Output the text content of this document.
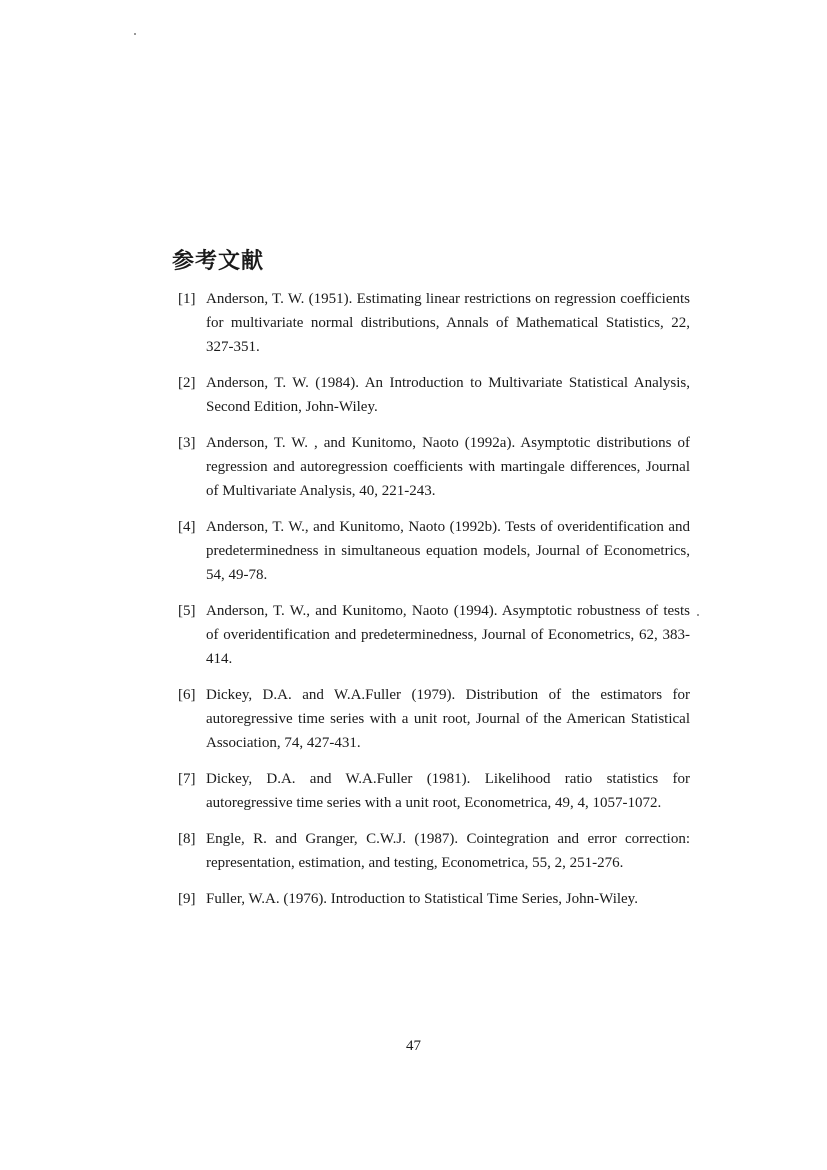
参考文献
[1] Anderson, T. W. (1951). Estimating linear restrictions on regression coefficients for multivariate normal distributions, Annals of Mathematical Statistics, 22, 327-351.
[2] Anderson, T. W. (1984). An Introduction to Multivariate Statistical Analysis, Second Edition, John-Wiley.
[3] Anderson, T. W. , and Kunitomo, Naoto (1992a). Asymptotic distributions of regression and autoregression coefficients with martingale differences, Journal of Multivariate Analysis, 40, 221-243.
[4] Anderson, T. W., and Kunitomo, Naoto (1992b). Tests of overidentification and predeterminedness in simultaneous equation models, Journal of Econometrics, 54, 49-78.
[5] Anderson, T. W., and Kunitomo, Naoto (1994). Asymptotic robustness of tests of overidentification and predeterminedness, Journal of Econometrics, 62, 383-414.
[6] Dickey, D.A. and W.A.Fuller (1979). Distribution of the estimators for autoregressive time series with a unit root, Journal of the American Statistical Association, 74, 427-431.
[7] Dickey, D.A. and W.A.Fuller (1981). Likelihood ratio statistics for autoregressive time series with a unit root, Econometrica, 49, 4, 1057-1072.
[8] Engle, R. and Granger, C.W.J. (1987). Cointegration and error correction: representation, estimation, and testing, Econometrica, 55, 2, 251-276.
[9] Fuller, W.A. (1976). Introduction to Statistical Time Series, John-Wiley.
47
